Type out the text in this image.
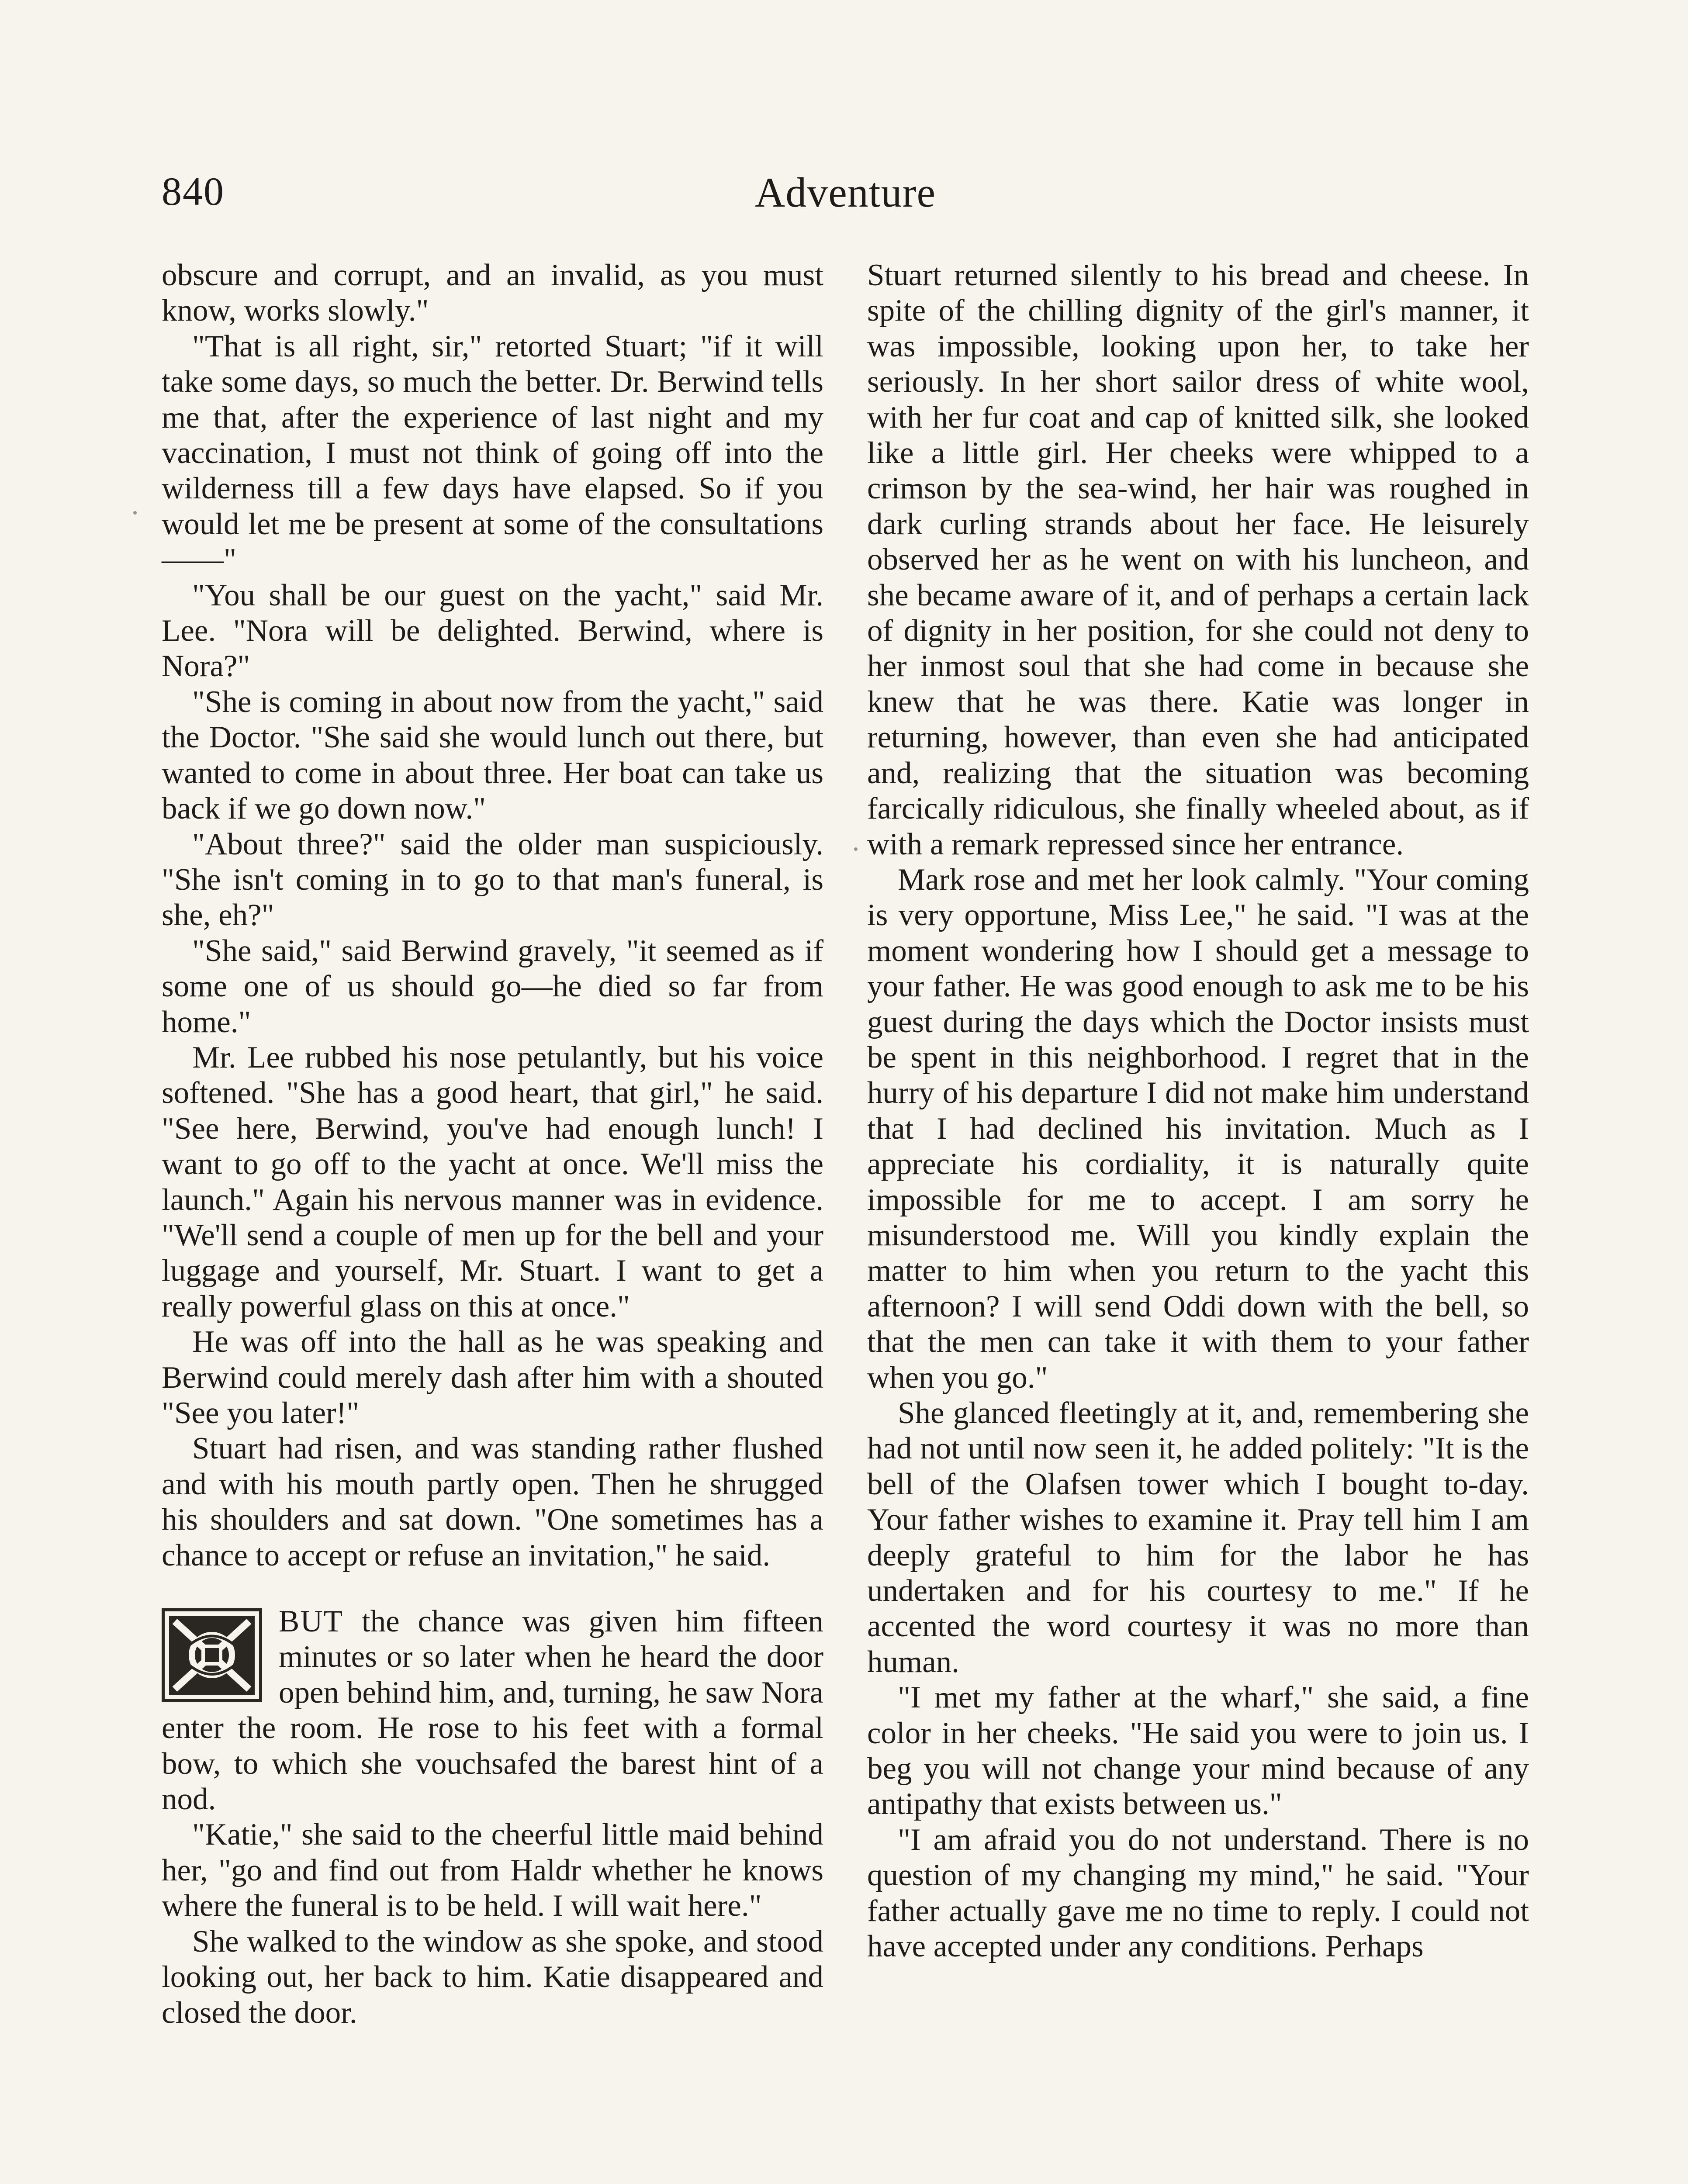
840	Adventure

obscure and corrupt, and an invalid, as you must know, works slowly."

"That is all right, sir," retorted Stuart; "if it will take some days, so much the better. Dr. Berwind tells me that, after the experience of last night and my vaccination, I must not think of going off into the wilderness till a few days have elapsed. So if you would let me be present at some of the consultations——"

"You shall be our guest on the yacht," said Mr. Lee. "Nora will be delighted. Berwind, where is Nora?"

"She is coming in about now from the yacht," said the Doctor. "She said she would lunch out there, but wanted to come in about three. Her boat can take us back if we go down now."

"About three?" said the older man suspiciously. "She isn't coming in to go to that man's funeral, is she, eh?"

"She said," said Berwind gravely, "it seemed as if some one of us should go—he died so far from home."

Mr. Lee rubbed his nose petulantly, but his voice softened. "She has a good heart, that girl," he said. "See here, Berwind, you've had enough lunch! I want to go off to the yacht at once. We'll miss the launch." Again his nervous manner was in evidence. "We'll send a couple of men up for the bell and your luggage and yourself, Mr. Stuart. I want to get a really powerful glass on this at once."

He was off into the hall as he was speaking and Berwind could merely dash after him with a shouted "See you later!"

Stuart had risen, and was standing rather flushed and with his mouth partly open. Then he shrugged his shoulders and sat down. "One sometimes has a chance to accept or refuse an invitation," he said.

BUT the chance was given him fifteen minutes or so later when he heard the door open behind him, and, turning, he saw Nora enter the room. He rose to his feet with a formal bow, to which she vouchsafed the barest hint of a nod.

"Katie," she said to the cheerful little maid behind her, "go and find out from Haldr whether he knows where the funeral is to be held. I will wait here."

She walked to the window as she spoke, and stood looking out, her back to him. Katie disappeared and closed the door.

Stuart returned silently to his bread and cheese. In spite of the chilling dignity of the girl's manner, it was impossible, looking upon her, to take her seriously. In her short sailor dress of white wool, with her fur coat and cap of knitted silk, she looked like a little girl. Her cheeks were whipped to a crimson by the sea-wind, her hair was roughed in dark curling strands about her face. He leisurely observed her as he went on with his luncheon, and she became aware of it, and of perhaps a certain lack of dignity in her position, for she could not deny to her inmost soul that she had come in because she knew that he was there. Katie was longer in returning, however, than even she had anticipated and, realizing that the situation was becoming farcically ridiculous, she finally wheeled about, as if with a remark repressed since her entrance.

Mark rose and met her look calmly. "Your coming is very opportune, Miss Lee," he said. "I was at the moment wondering how I should get a message to your father. He was good enough to ask me to be his guest during the days which the Doctor insists must be spent in this neighborhood. I regret that in the hurry of his departure I did not make him understand that I had declined his invitation. Much as I appreciate his cordiality, it is naturally quite impossible for me to accept. I am sorry he misunderstood me. Will you kindly explain the matter to him when you return to the yacht this afternoon? I will send Oddi down with the bell, so that the men can take it with them to your father when you go."

She glanced fleetingly at it, and, remembering she had not until now seen it, he added politely: "It is the bell of the Olafsen tower which I bought to-day. Your father wishes to examine it. Pray tell him I am deeply grateful to him for the labor he has undertaken and for his courtesy to me." If he accented the word courtesy it was no more than human.

"I met my father at the wharf," she said, a fine color in her cheeks. "He said you were to join us. I beg you will not change your mind because of any antipathy that exists between us."

"I am afraid you do not understand. There is no question of my changing my mind," he said. "Your father actually gave me no time to reply. I could not have accepted under any conditions. Perhaps
